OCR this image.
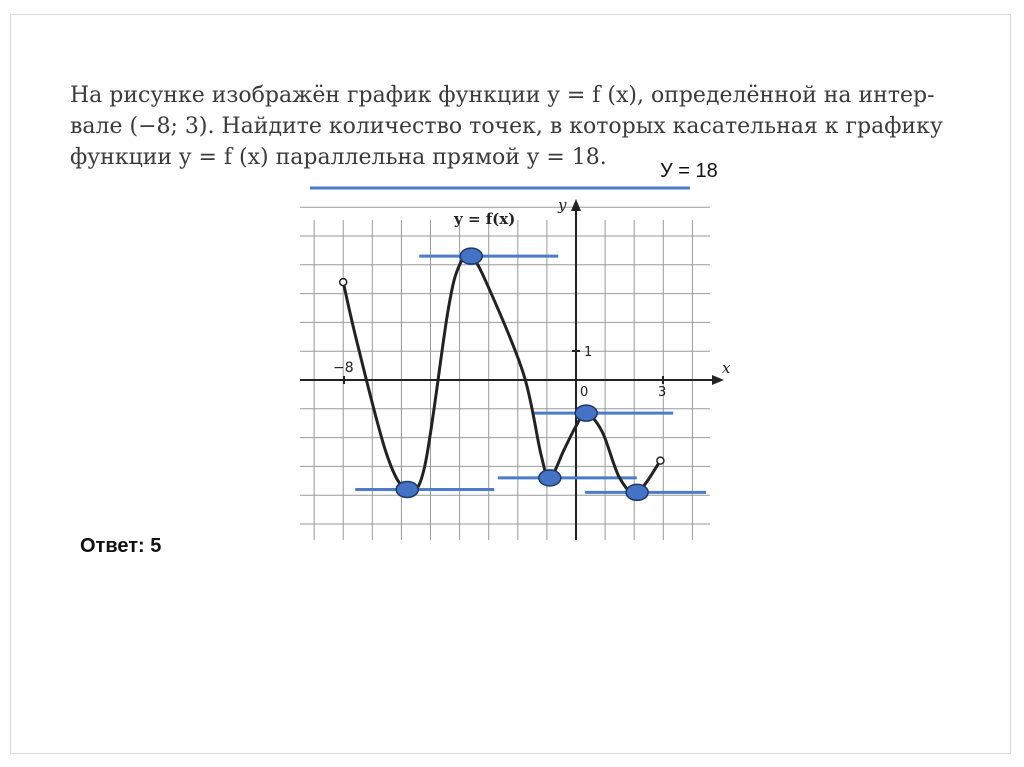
На рисунке изображён график функции y = f (x), определённой на интер-
вале (−8; 3). Найдите количество точек, в которых касательная к графику
функции y = f (x) параллельна прямой y = 18.
У = 18
x
y
y = f(x)
1
−8
0	3
Ответ: 5
